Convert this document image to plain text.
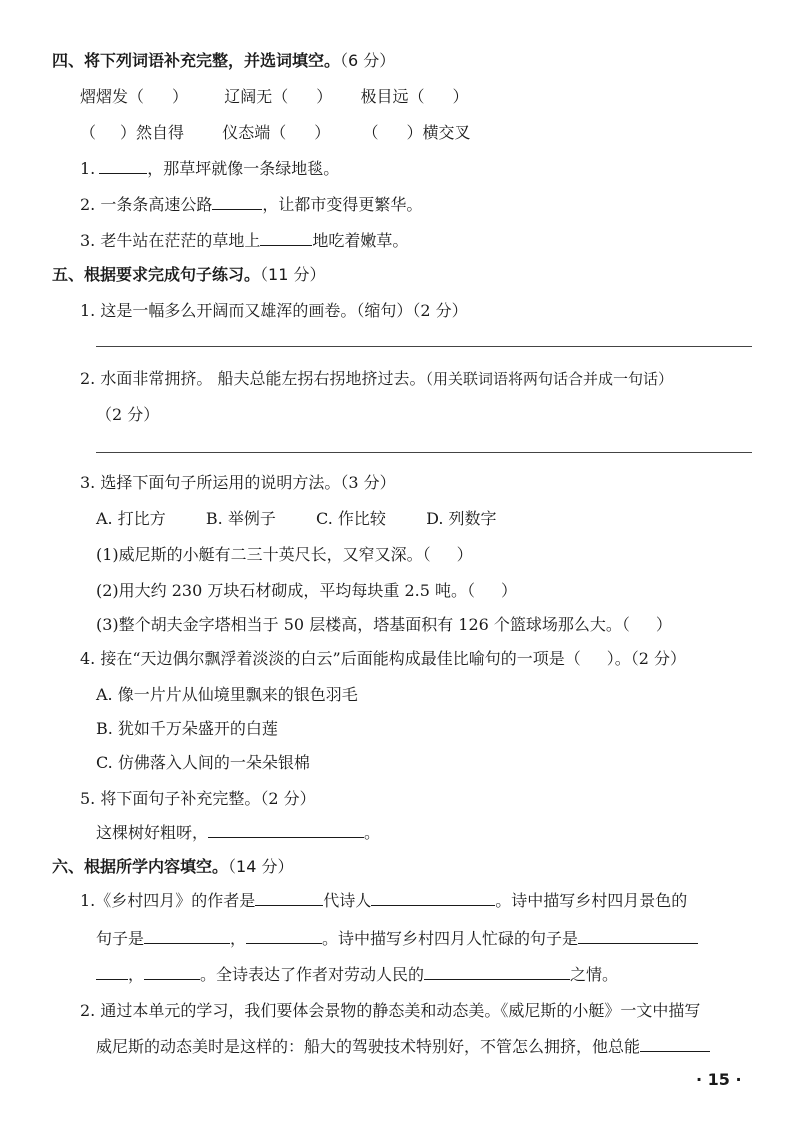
四、将下列词语补充完整，并选词填空。（6 分）
熠熠发（ ） 辽阔无（ ） 极目远（ ）
（ ）然自得 仪态端（ ） （ ）横交叉
1.	，那草坪就像一条绿地毯。
2. 一条条高速公路	，让都市变得更繁华。
3. 老牛站在茫茫的草地上	地吃着嫩草。
五、根据要求完成句子练习。（11 分）
1. 这是一幅多么开阔而又雄浑的画卷。（缩句）（2 分）
2. 水面非常拥挤。 船夫总能左拐右拐地挤过去。（用关联词语将两句话合并成一句话）
（2 分）
3. 选择下面句子所运用的说明方法。（3 分）
A. 打比方	B. 举例子	C. 作比较	D. 列数字
(1)威尼斯的小艇有二三十英尺长，又窄又深。（ ）
(2)用大约 230 万块石材砌成，平均每块重 2.5 吨。（ ）
(3)整个胡夫金字塔相当于 50 层楼高，塔基面积有 126 个篮球场那么大。（ ）
4. 接在“天边偶尔飘浮着淡淡的白云”后面能构成最佳比喻句的一项是（ ）。（2 分）
A. 像一片片从仙境里飘来的银色羽毛
B. 犹如千万朵盛开的白莲
C. 仿佛落入人间的一朵朵银棉
5. 将下面句子补充完整。（2 分）
这棵树好粗呀，	。
六、根据所学内容填空。（14 分）
1.《乡村四月》的作者是	代诗人	。诗中描写乡村四月景色的
句子是	，	。诗中描写乡村四月人忙碌的句子是
，	。全诗表达了作者对劳动人民的	之情。
2. 通过本单元的学习，我们要体会景物的静态美和动态美。《威尼斯的小艇》一文中描写
威尼斯的动态美时是这样的：船大的驾驶技术特别好，不管怎么拥挤，他总能
· 15 ·
